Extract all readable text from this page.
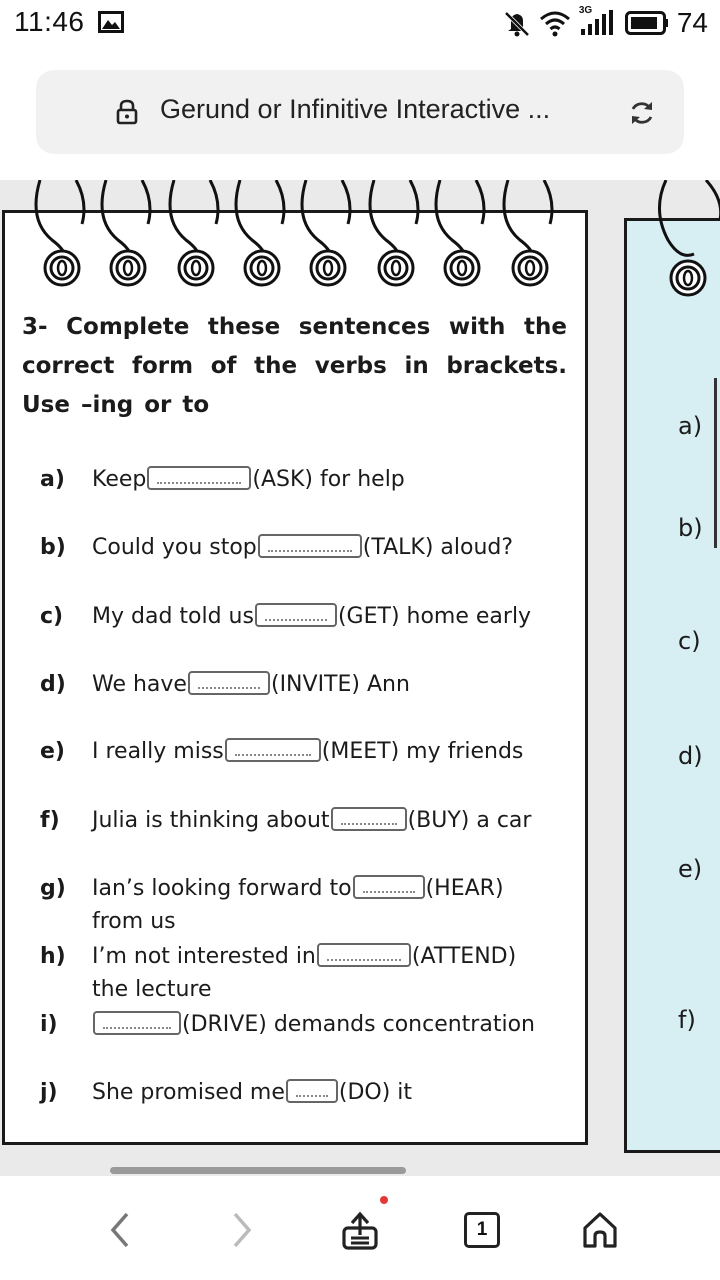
11:46	3G	74
Gerund or Infinitive Interactive ...
3- Complete these sentences with the correct form of the verbs in brackets. Use –ing or to
a) Keep	(ASK) for help
b) Could you stop	(TALK) aloud?
c) My dad told us	(GET) home early
d) We have	(INVITE) Ann
e) I really miss	(MEET) my friends
f) Julia is thinking about	(BUY) a car
g) Ian’s looking forward to	(HEAR)
from us
h) I’m not interested in	(ATTEND)
the lecture
i)	(DRIVE) demands concentration
j) She promised me (DO) it
a)
b)
c)
d)
e)
f)
1
